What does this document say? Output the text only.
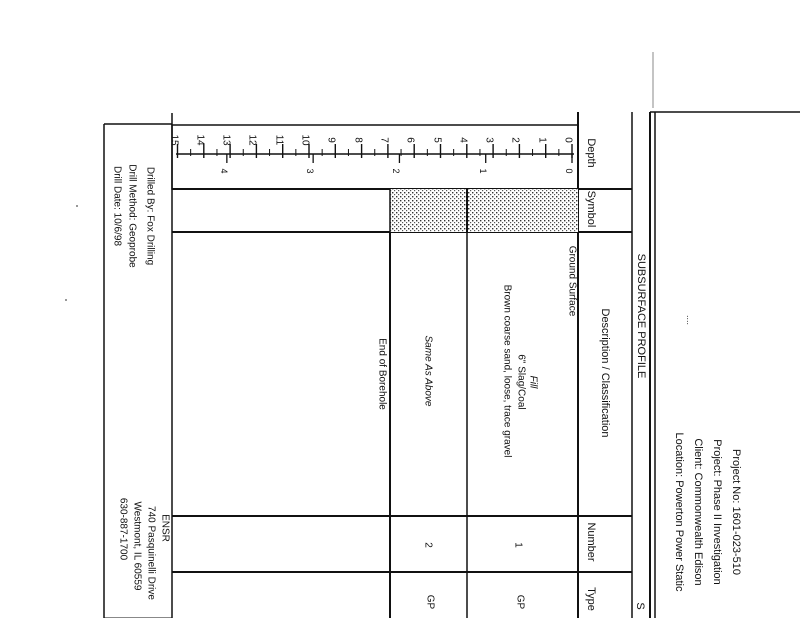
Project No: 1601-023-510
Project: Phase II Investigation
Client: Commonwealth Edison
Location: Powerton Power Static
....
SUBSURFACE PROFILE
Depth
Symbol
Description / Classification
Number
Type	S
Ground Surface
Fill
6" Slag/Coal
Brown coarse sand, loose, trace gravel
Same As Above
End of Borehole
1
2
GP
GP
Drilled By: Fox Drilling
Drill Method: Geoprobe
Drill Date: 10/6/98
ENSR
740 Pasquinelli Drive
Westmont, IL 60559
630-887-1700
0
1
2
3
4
5
6
7
8
9
10
11
12
13
14
15
0
1
2
3
4
